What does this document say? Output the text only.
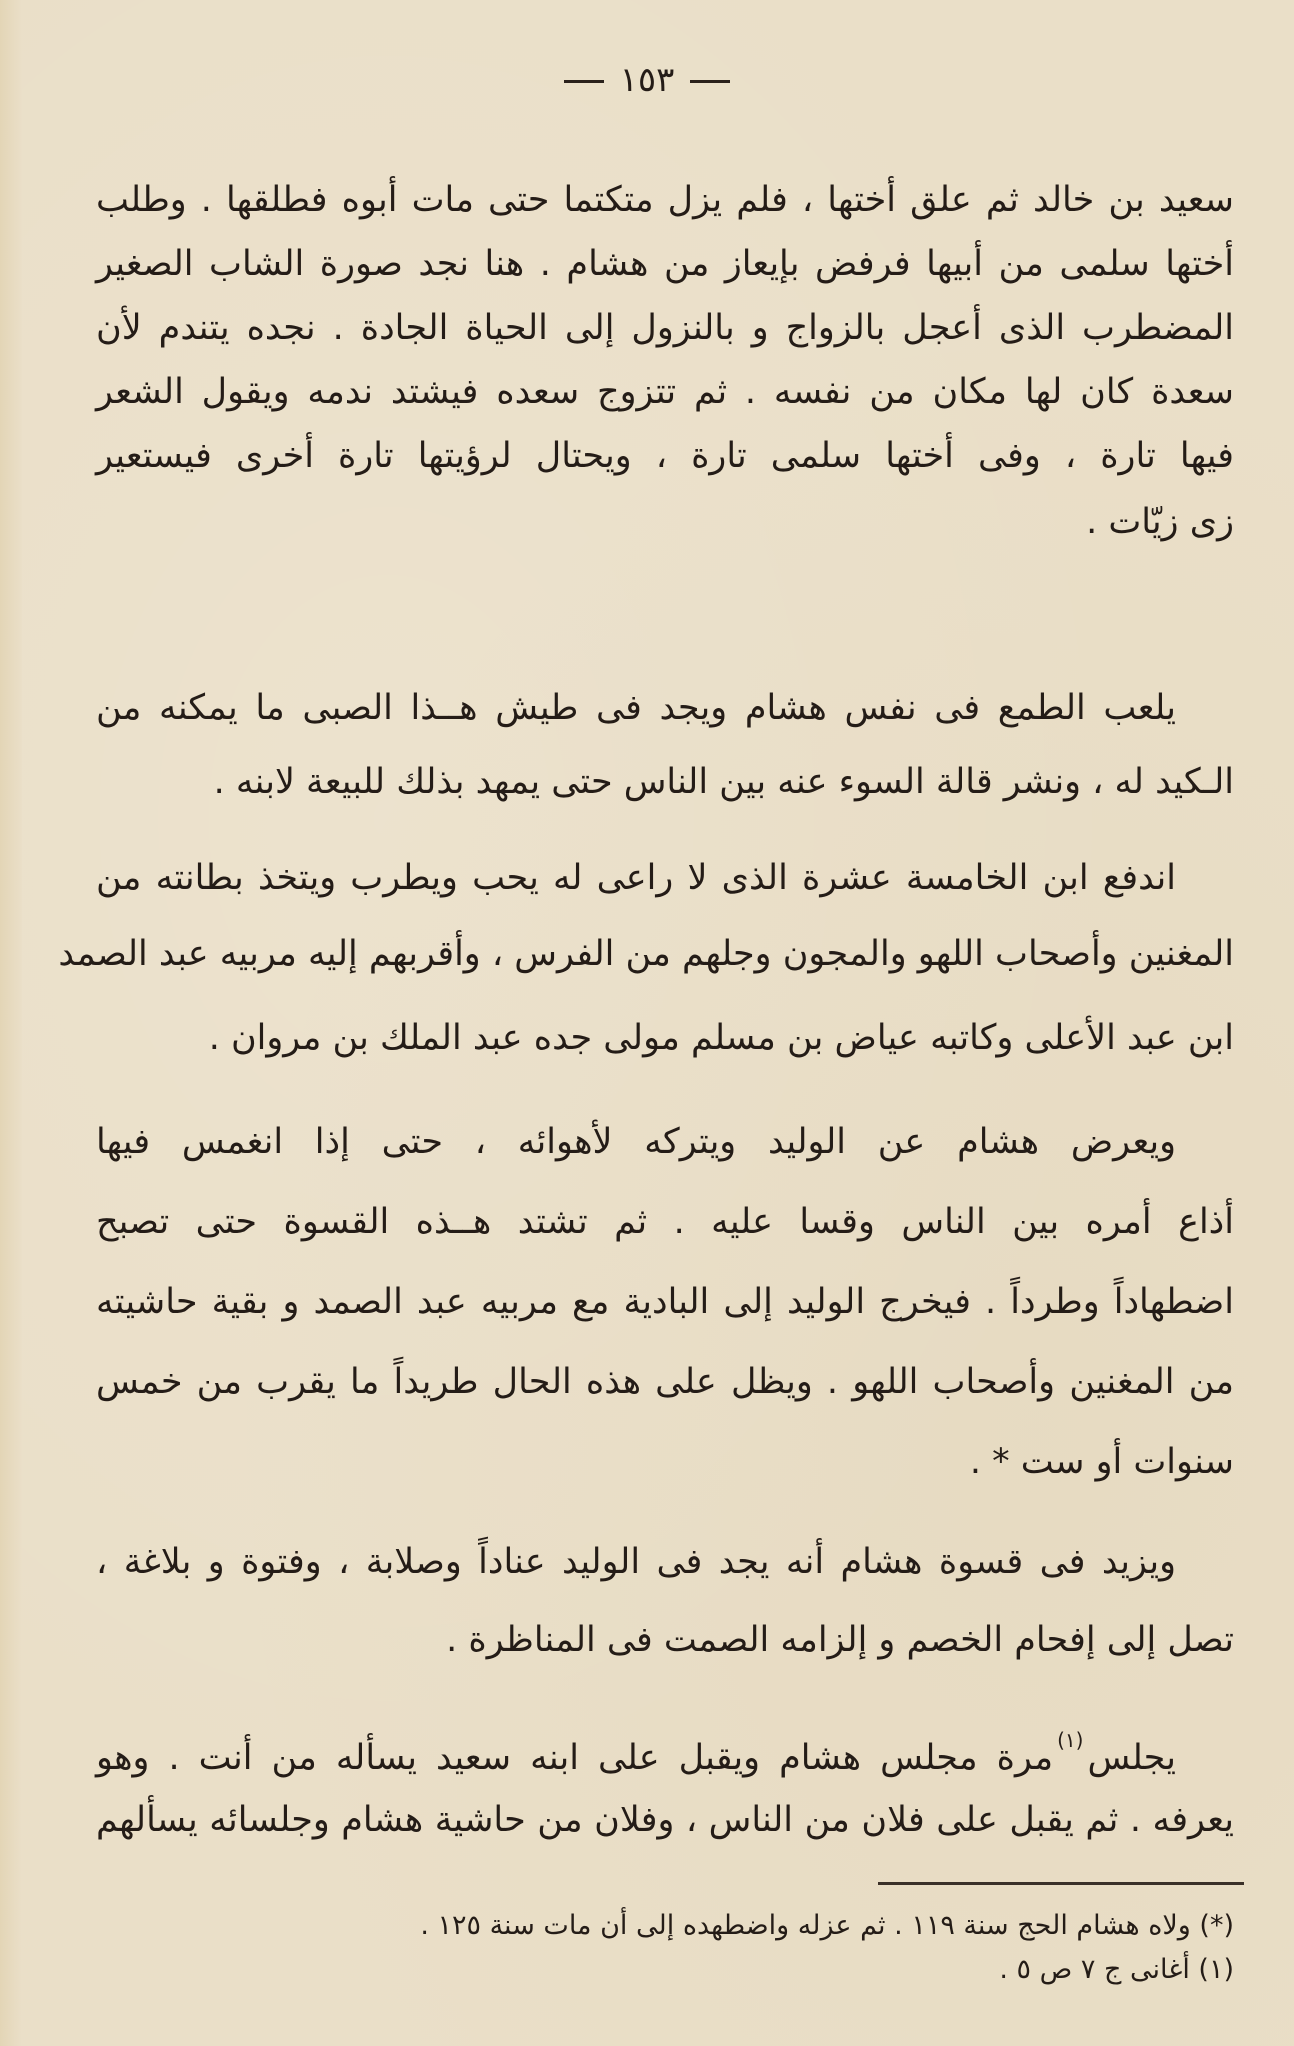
١٥٣
سعيد بن خالد ثم علق أختها ، فلم يزل متكتما حتى مات أبوه فطلقها . وطلب
أختها سلمى من أبيها فرفض بإيعاز من هشام . هنا نجد صورة الشاب الصغير
المضطرب الذى أعجل بالزواج و بالنزول إلى الحياة الجادة . نجده يتندم لأن
سعدة كان لها مكان من نفسه . ثم تتزوج سعده فيشتد ندمه ويقول الشعر
فيها تارة ، وفى أختها سلمى تارة ، ويحتال لرؤيتها تارة أخرى فيستعير
زى زيّات .
يلعب الطمع فى نفس هشام ويجد فى طيش هــذا الصبى ما يمكنه من
الـكيد له ، ونشر قالة السوء عنه بين الناس حتى يمهد بذلك للبيعة لابنه .
اندفع ابن الخامسة عشرة الذى لا راعى له يحب ويطرب ويتخذ بطانته من
المغنين وأصحاب اللهو والمجون وجلهم من الفرس ، وأقربهم إليه مربيه عبد الصمد
ابن عبد الأعلى وكاتبه عياض بن مسلم مولى جده عبد الملك بن مروان .
ويعرض هشام عن الوليد ويتركه لأهوائه ، حتى إذا انغمس فيها
أذاع أمره بين الناس وقسا عليه . ثم تشتد هــذه القسوة حتى تصبح
اضطهاداً وطرداً . فيخرج الوليد إلى البادية مع مربيه عبد الصمد و بقية حاشيته
من المغنين وأصحاب اللهو . ويظل على هذه الحال طريداً ما يقرب من خمس
سنوات أو ست * .
ويزيد فى قسوة هشام أنه يجد فى الوليد عناداً وصلابة ، وفتوة و بلاغة ،
تصل إلى إفحام الخصم و إلزامه الصمت فى المناظرة .
يجلس$^{(١)}$مرة مجلس هشام ويقبل على ابنه سعيد يسأله من أنت . وهو
يعرفه . ثم يقبل على فلان من الناس ، وفلان من حاشية هشام وجلسائه يسألهم
(*) ولاه هشام الحج سنة ١١٩ . ثم عزله واضطهده إلى أن مات سنة ١٢٥ .
(١) أغانى ج ٧ ص ٥ .
